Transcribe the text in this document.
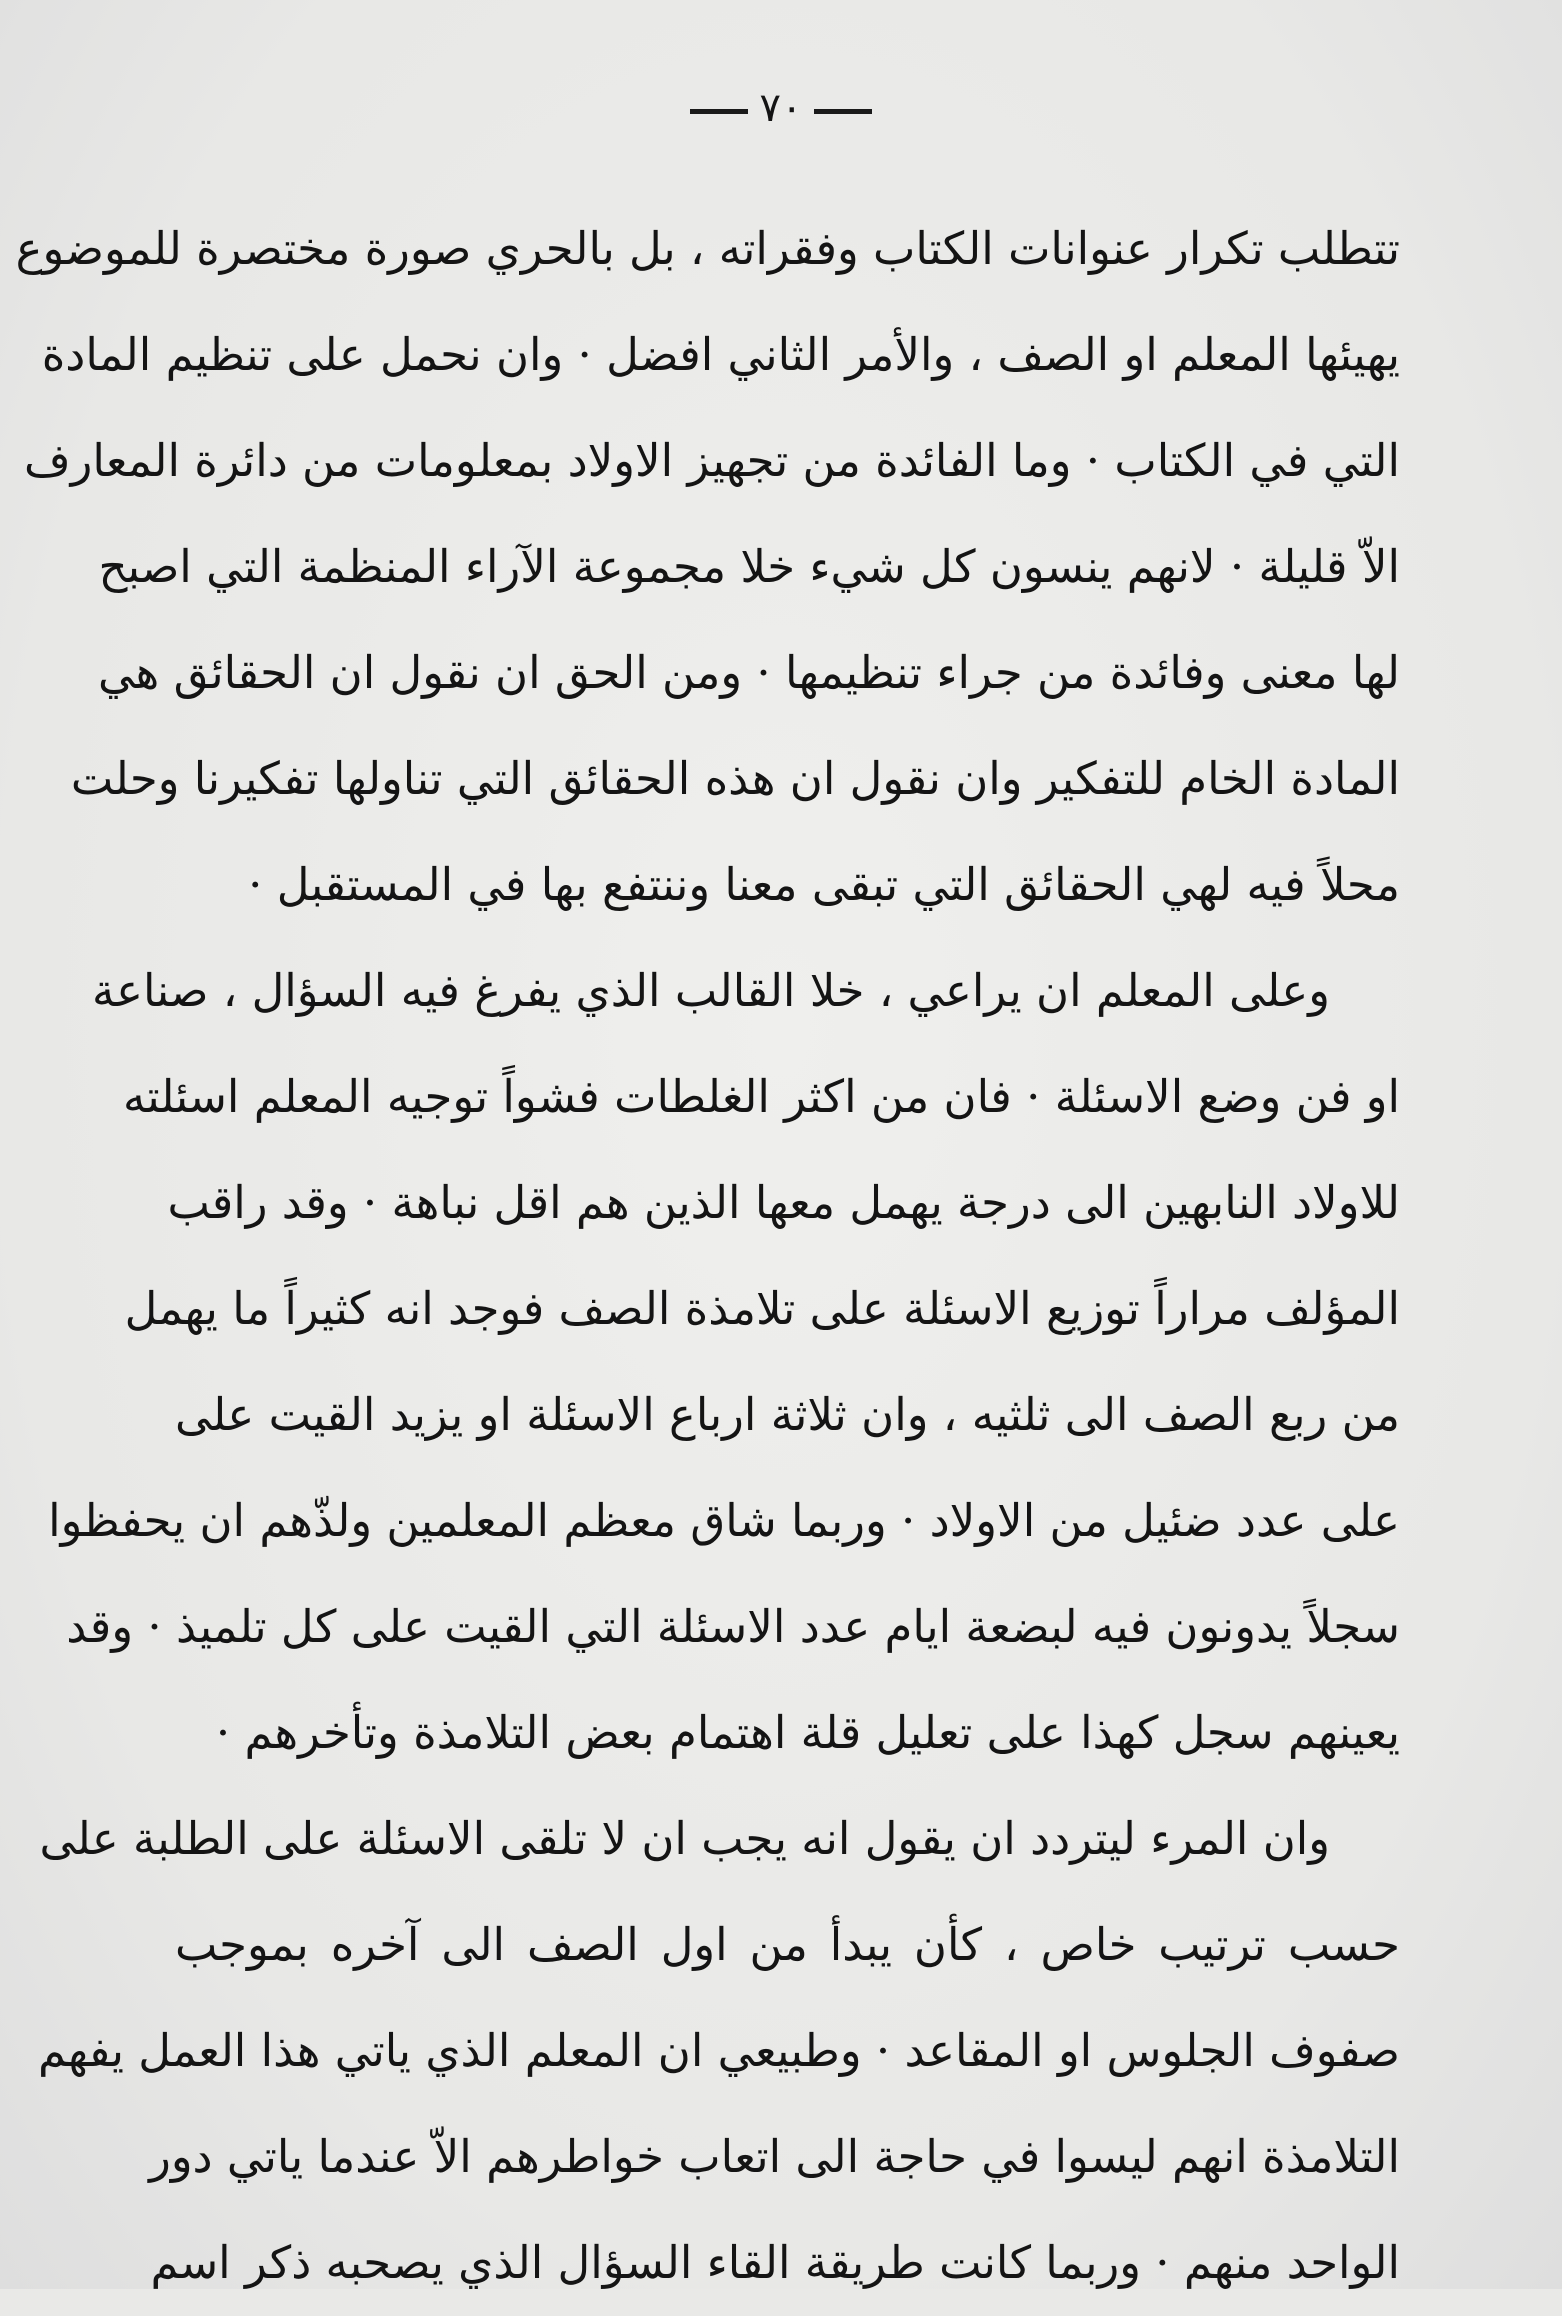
٧٠
تتطلب تكرار عنوانات الكتاب وفقراته ، بل بالحري صورة مختصرة للموضوع
يهيئها المعلم او الصف ، والأمر الثاني افضل · وان نحمل على تنظيم المادة
التي في الكتاب · وما الفائدة من تجهيز الاولاد بمعلومات من دائرة المعارف
الاّ قليلة · لانهم ينسون كل شيء خلا مجموعة الآراء المنظمة التي اصبح
لها معنى وفائدة من جراء تنظيمها · ومن الحق ان نقول ان الحقائق هي
المادة الخام للتفكير وان نقول ان هذه الحقائق التي تناولها تفكيرنا وحلت
محلاً فيه لهي الحقائق التي تبقى معنا وننتفع بها في المستقبل ·
وعلى المعلم ان يراعي ، خلا القالب الذي يفرغ فيه السؤال ، صناعة
او فن وضع الاسئلة · فان من اكثر الغلطات فشواً توجيه المعلم اسئلته
للاولاد النابهين الى درجة يهمل معها الذين هم اقل نباهة · وقد راقب
المؤلف مراراً توزيع الاسئلة على تلامذة الصف فوجد انه كثيراً ما يهمل
من ربع الصف الى ثلثيه ، وان ثلاثة ارباع الاسئلة او يزيد القيت على
على عدد ضئيل من الاولاد · وربما شاق معظم المعلمين ولذّهم ان يحفظوا
سجلاً يدونون فيه لبضعة ايام عدد الاسئلة التي القيت على كل تلميذ · وقد
يعينهم سجل كهذا على تعليل قلة اهتمام بعض التلامذة وتأخرهم ·
وان المرء ليتردد ان يقول انه يجب ان لا تلقى الاسئلة على الطلبة على
حسب ترتيب خاص ، كأن يبدأ من اول الصف الى آخره بموجب
صفوف الجلوس او المقاعد · وطبيعي ان المعلم الذي ياتي هذا العمل يفهم
التلامذة انهم ليسوا في حاجة الى اتعاب خواطرهم الاّ عندما ياتي دور
الواحد منهم · وربما كانت طريقة القاء السؤال الذي يصحبه ذكر اسم
